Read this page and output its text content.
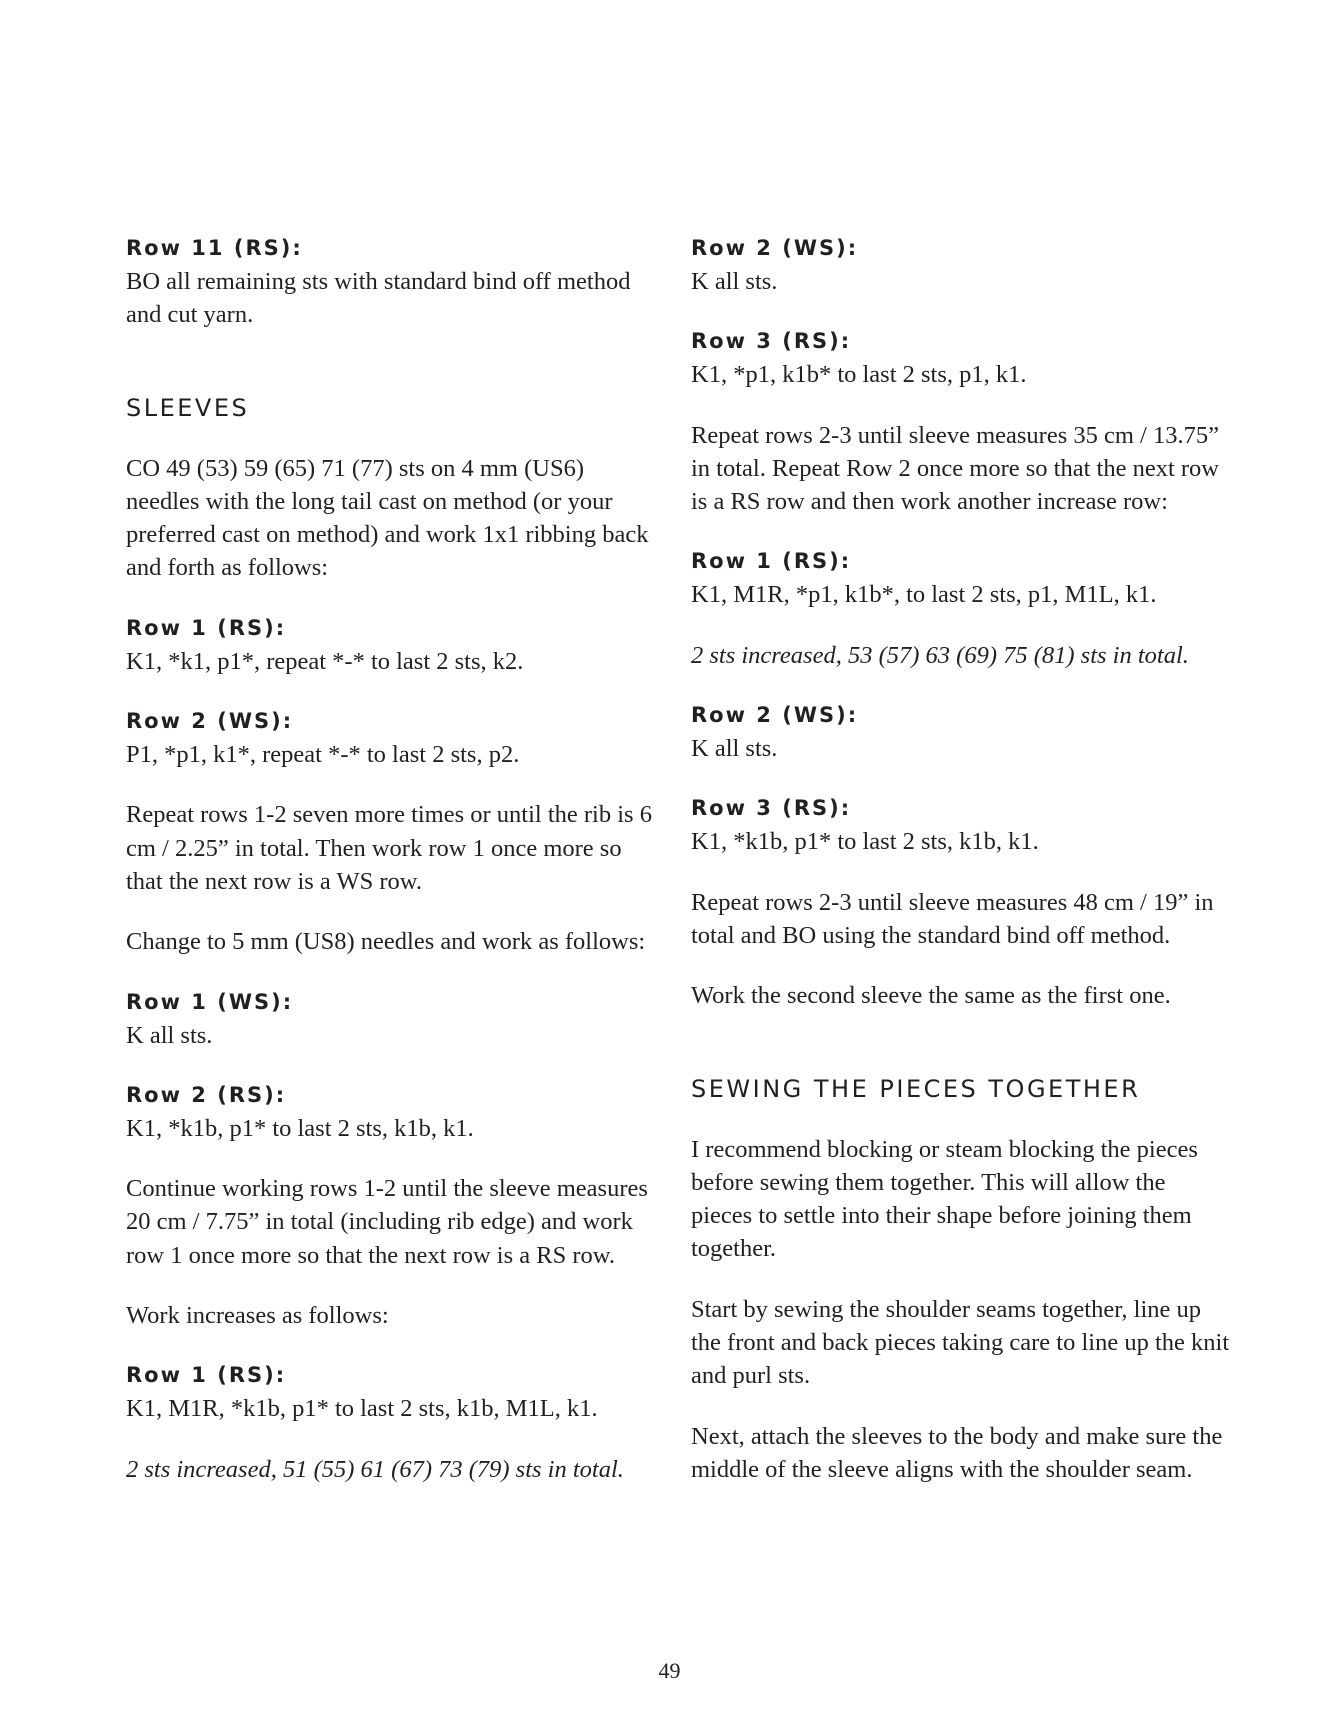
Row 11 (RS):

BO all remaining sts with standard bind off method and cut yarn.

SLEEVES

CO 49 (53) 59 (65) 71 (77) sts on 4 mm (US6) needles with the long tail cast on method (or your preferred cast on method) and work 1x1 ribbing back and forth as follows:

Row 1 (RS):

K1, *k1, p1*, repeat *-* to last 2 sts, k2.

Row 2 (WS):

P1, *p1, k1*, repeat *-* to last 2 sts, p2.

Repeat rows 1-2 seven more times or until the rib is 6 cm / 2.25” in total. Then work row 1 once more so that the next row is a WS row.

Change to 5 mm (US8) needles and work as follows:

Row 1 (WS):

K all sts.

Row 2 (RS):

K1, *k1b, p1* to last 2 sts, k1b, k1.

Continue working rows 1-2 until the sleeve measures 20 cm / 7.75” in total (including rib edge) and work row 1 once more so that the next row is a RS row.

Work increases as follows:

Row 1 (RS):

K1, M1R, *k1b, p1* to last 2 sts, k1b, M1L, k1.

2 sts increased, 51 (55) 61 (67) 73 (79) sts in total.

Row 2 (WS):

K all sts.

Row 3 (RS):

K1, *p1, k1b* to last 2 sts, p1, k1.

Repeat rows 2-3 until sleeve measures 35 cm / 13.75” in total. Repeat Row 2 once more so that the next row is a RS row and then work another increase row:

Row 1 (RS):

K1, M1R, *p1, k1b*, to last 2 sts, p1, M1L, k1.

2 sts increased, 53 (57) 63 (69) 75 (81) sts in total.

Row 2 (WS):

K all sts.

Row 3 (RS):

K1, *k1b, p1* to last 2 sts, k1b, k1.

Repeat rows 2-3 until sleeve measures 48 cm / 19” in total and BO using the standard bind off method.

Work the second sleeve the same as the first one.

SEWING THE PIECES TOGETHER

I recommend blocking or steam blocking the pieces before sewing them together. This will allow the pieces to settle into their shape before joining them together.

Start by sewing the shoulder seams together, line up the front and back pieces taking care to line up the knit and purl sts.

Next, attach the sleeves to the body and make sure the middle of the sleeve aligns with the shoulder seam.

49
